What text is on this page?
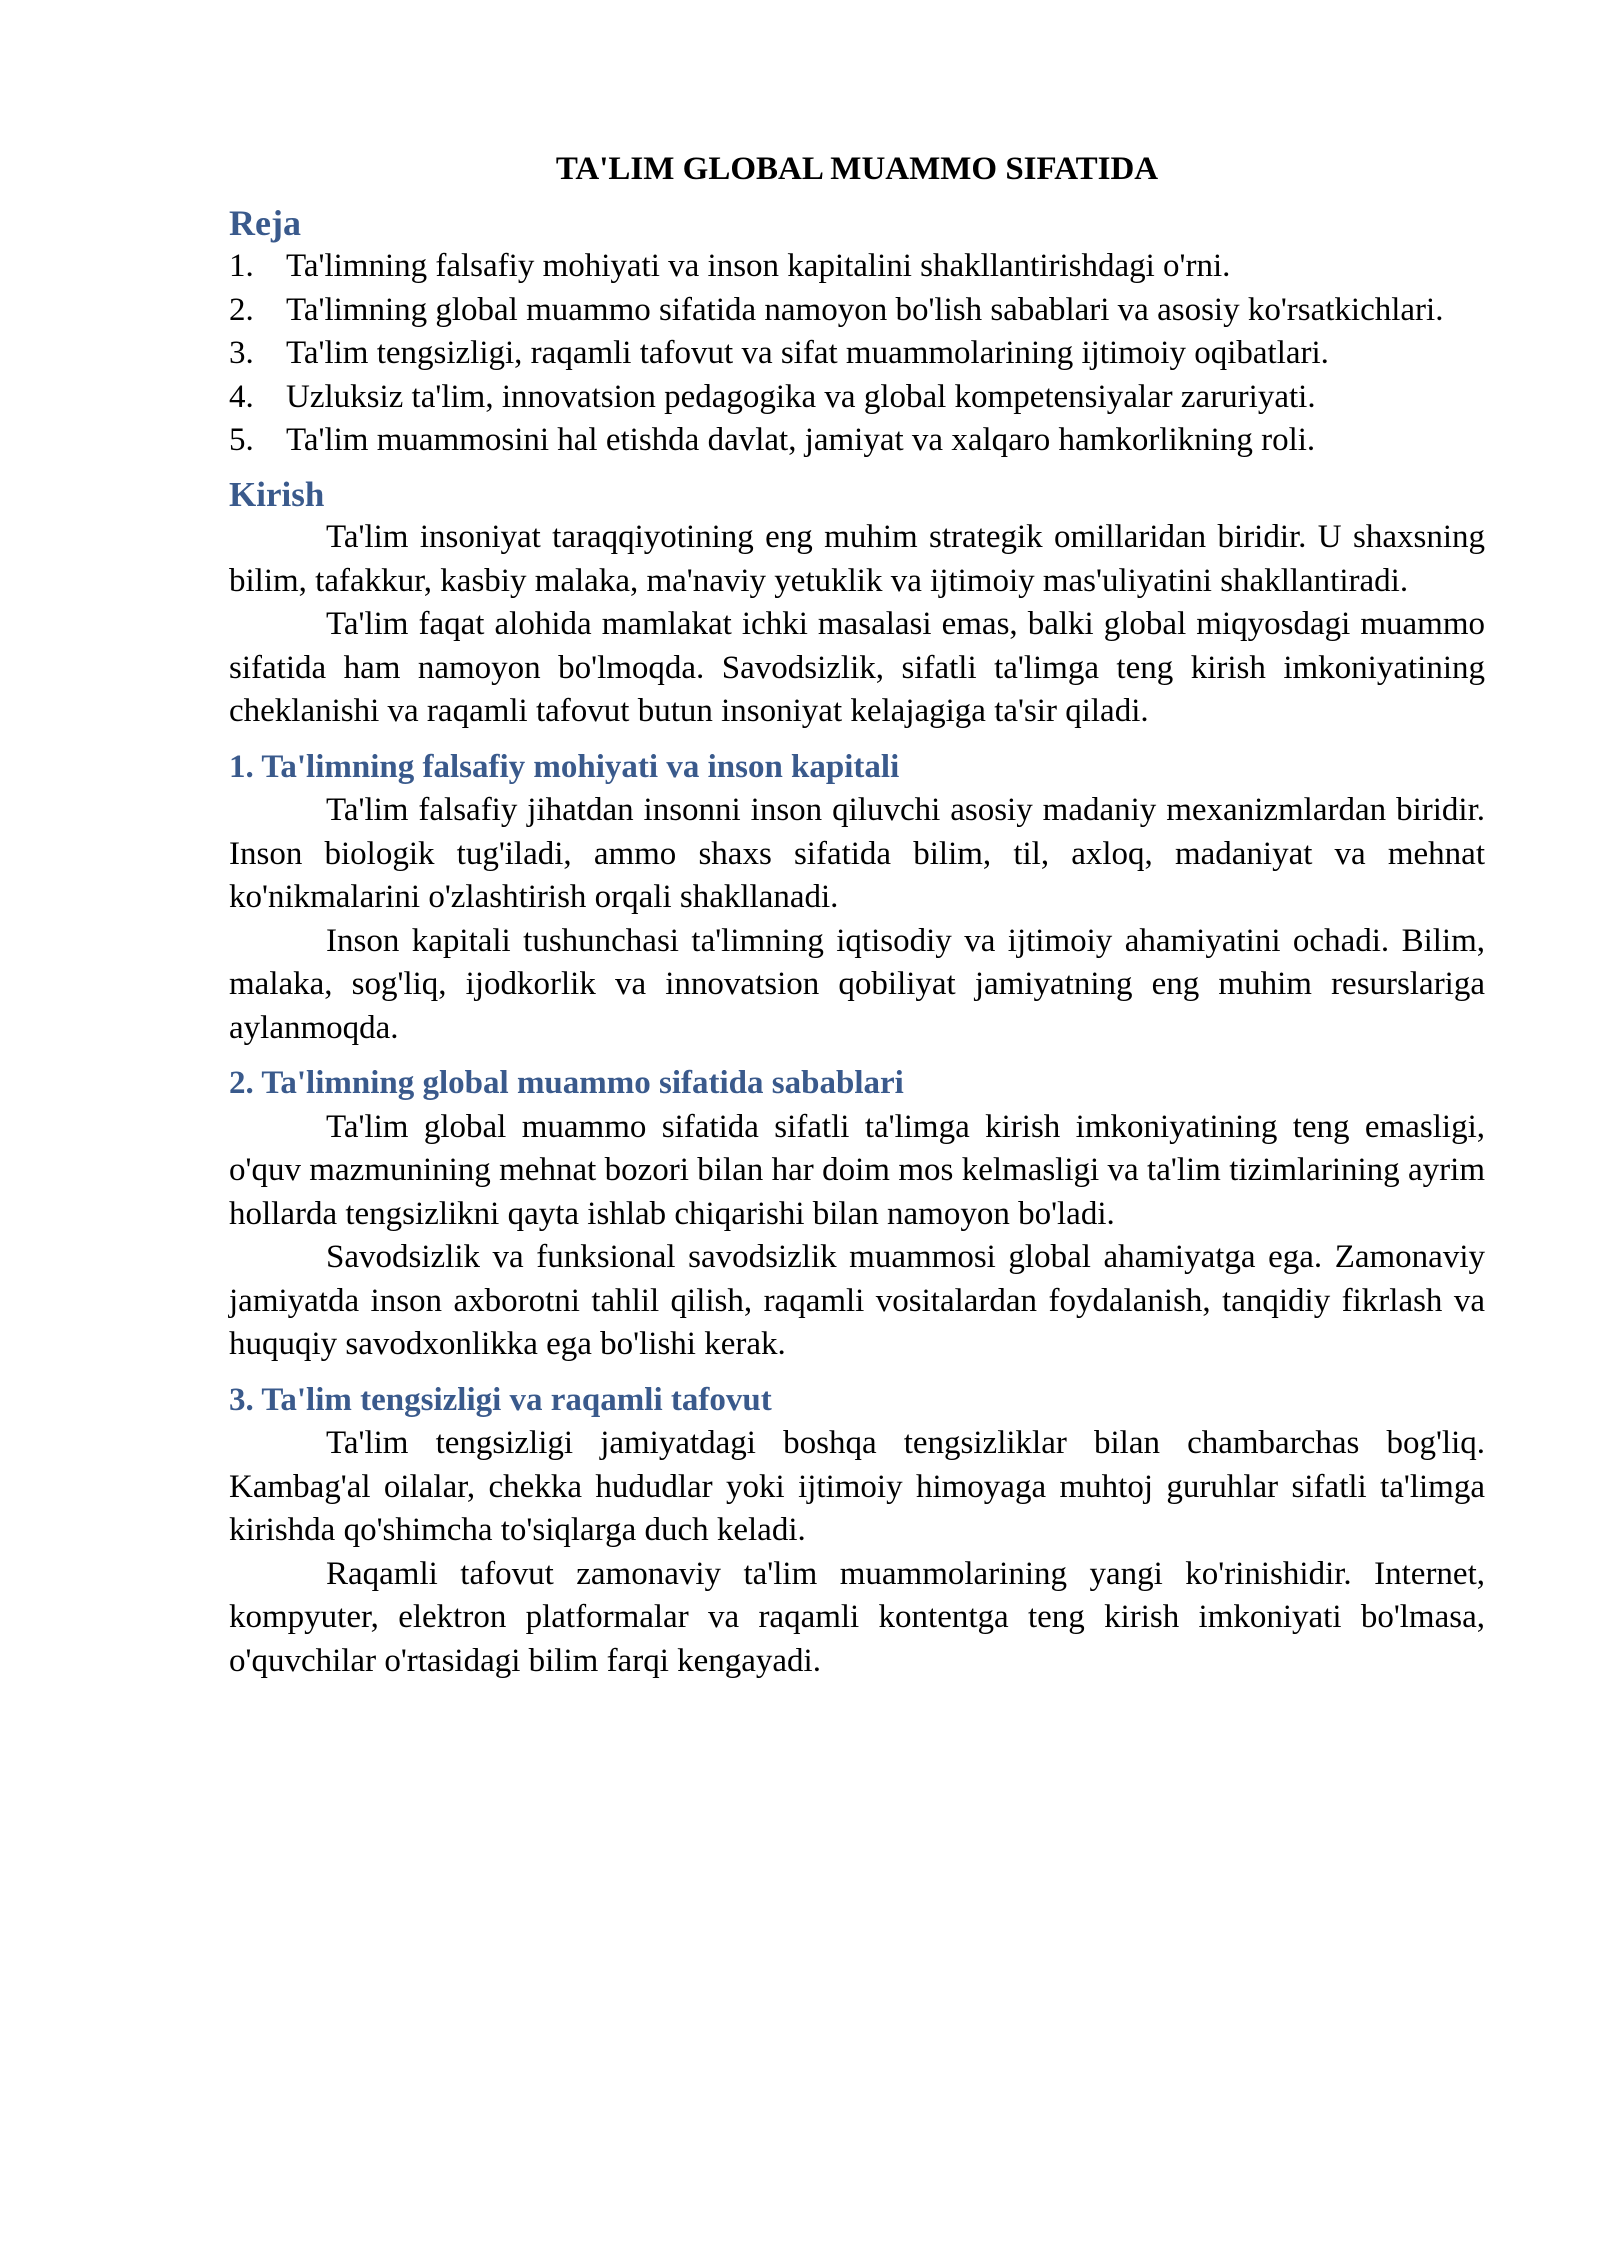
TA'LIM GLOBAL MUAMMO SIFATIDA
Reja
1. Ta'limning falsafiy mohiyati va inson kapitalini shakllantirishdagi o'rni.
2. Ta'limning global muammo sifatida namoyon bo'lish sabablari va asosiy ko'rsatkichlari.
3. Ta'lim tengsizligi, raqamli tafovut va sifat muammolarining ijtimoiy oqibatlari.
4. Uzluksiz ta'lim, innovatsion pedagogika va global kompetensiyalar zaruriyati.
5. Ta'lim muammosini hal etishda davlat, jamiyat va xalqaro hamkorlikning roli.
Kirish

Ta'lim insoniyat taraqqiyotining eng muhim strategik omillaridan biridir. U shaxsning bilim, tafakkur, kasbiy malaka, ma'naviy yetuklik va ijtimoiy mas'uliyatini shakllantiradi.

Ta'lim faqat alohida mamlakat ichki masalasi emas, balki global miqyosdagi muammo sifatida ham namoyon bo'lmoqda. Savodsizlik, sifatli ta'limga teng kirish imkoniyatining cheklanishi va raqamli tafovut butun insoniyat kelajagiga ta'sir qiladi.

1. Ta'limning falsafiy mohiyati va inson kapitali

Ta'lim falsafiy jihatdan insonni inson qiluvchi asosiy madaniy mexanizmlardan biridir. Inson biologik tug'iladi, ammo shaxs sifatida bilim, til, axloq, madaniyat va mehnat ko'nikmalarini o'zlashtirish orqali shakllanadi.

Inson kapitali tushunchasi ta'limning iqtisodiy va ijtimoiy ahamiyatini ochadi. Bilim, malaka, sog'liq, ijodkorlik va innovatsion qobiliyat jamiyatning eng muhim resurslariga aylanmoqda.

2. Ta'limning global muammo sifatida sabablari

Ta'lim global muammo sifatida sifatli ta'limga kirish imkoniyatining teng emasligi, o'quv mazmunining mehnat bozori bilan har doim mos kelmasligi va ta'lim tizimlarining ayrim hollarda tengsizlikni qayta ishlab chiqarishi bilan namoyon bo'ladi.

Savodsizlik va funksional savodsizlik muammosi global ahamiyatga ega. Zamonaviy jamiyatda inson axborotni tahlil qilish, raqamli vositalardan foydalanish, tanqidiy fikrlash va huquqiy savodxonlikka ega bo'lishi kerak.

3. Ta'lim tengsizligi va raqamli tafovut

Ta'lim tengsizligi jamiyatdagi boshqa tengsizliklar bilan chambarchas bog'liq. Kambag'al oilalar, chekka hududlar yoki ijtimoiy himoyaga muhtoj guruhlar sifatli ta'limga kirishda qo'shimcha to'siqlarga duch keladi.

Raqamli tafovut zamonaviy ta'lim muammolarining yangi ko'rinishidir. Internet, kompyuter, elektron platformalar va raqamli kontentga teng kirish imkoniyati bo'lmasa, o'quvchilar o'rtasidagi bilim farqi kengayadi.
